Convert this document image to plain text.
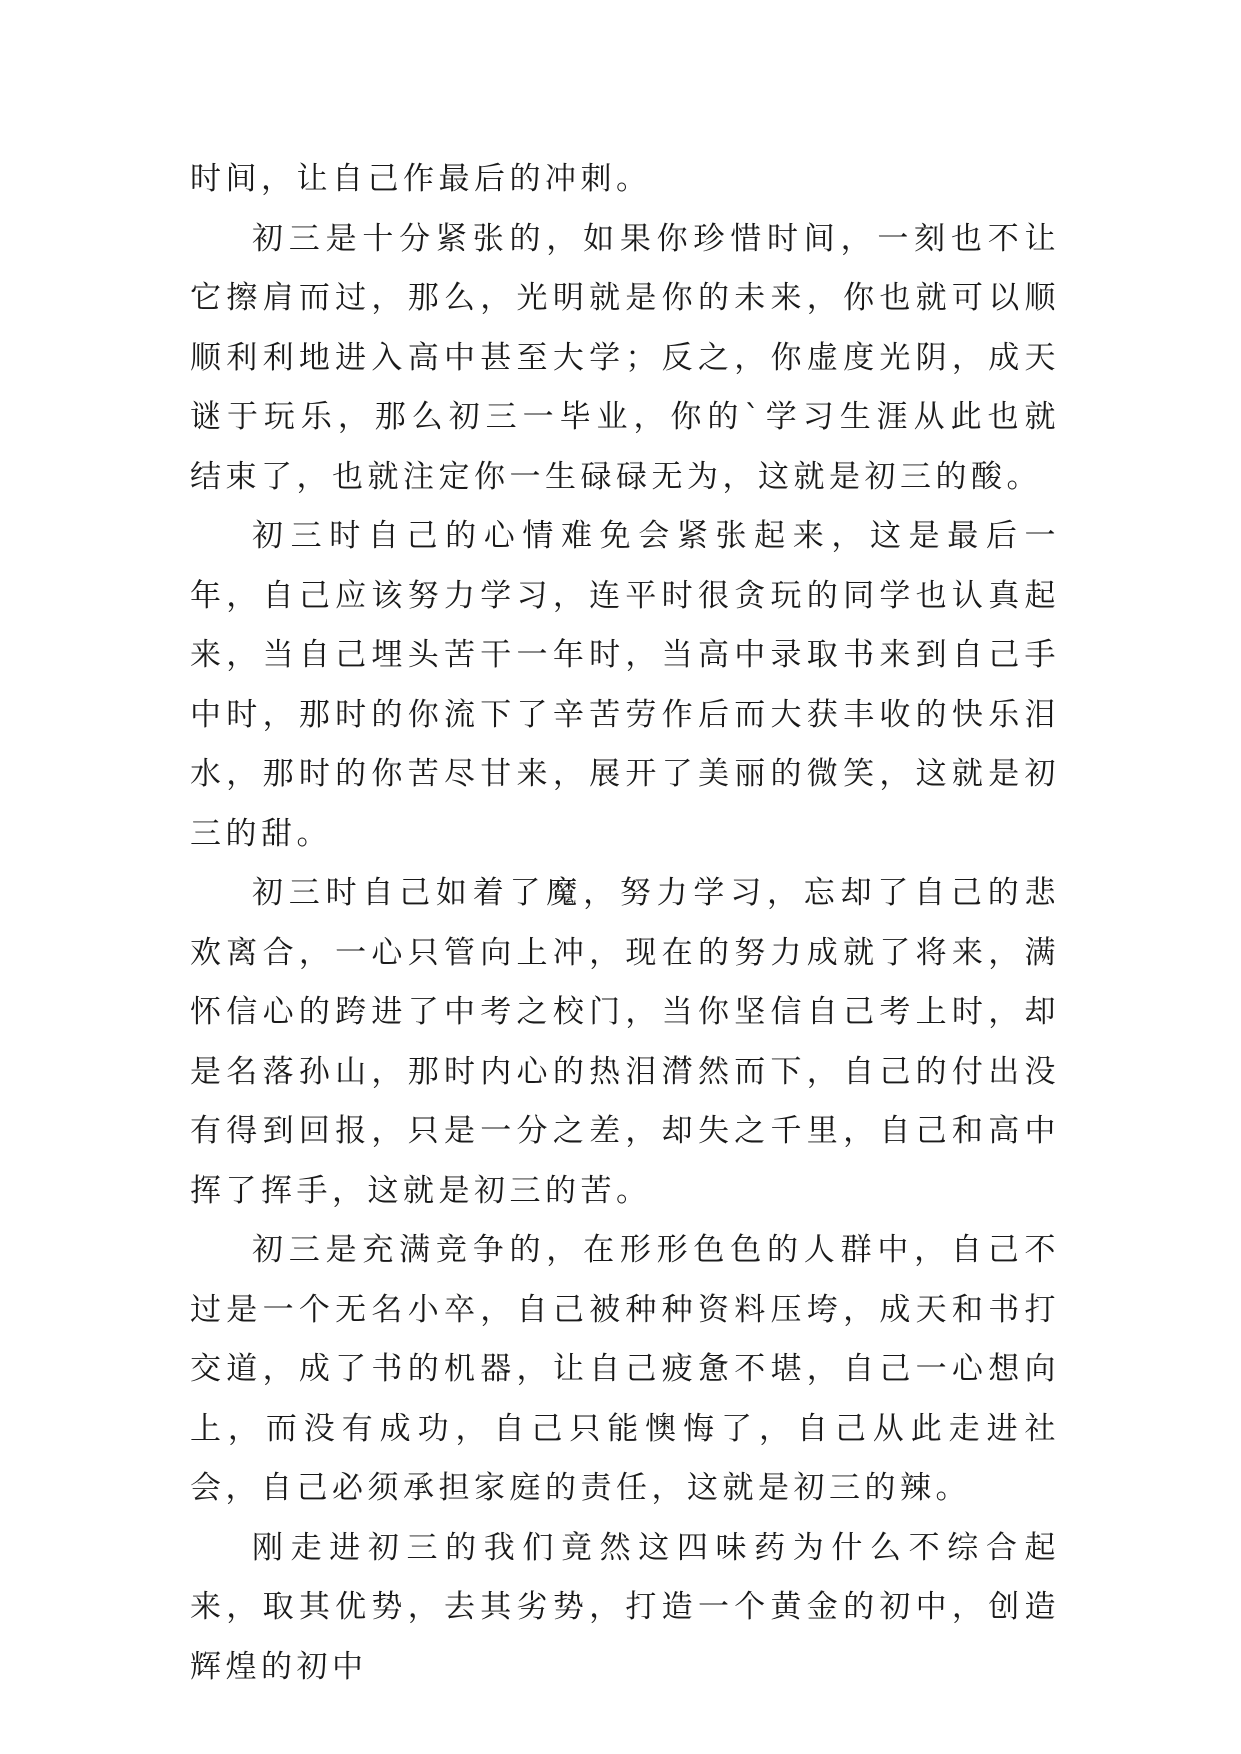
时间，让自己作最后的冲刺。

初三是十分紧张的，如果你珍惜时间，一刻也不让它擦肩而过，那么，光明就是你的未来，你也就可以顺顺利利地进入高中甚至大学；反之，你虚度光阴，成天谜于玩乐，那么初三一毕业，你的`学习生涯从此也就结束了，也就注定你一生碌碌无为，这就是初三的酸。

初三时自己的心情难免会紧张起来，这是最后一年，自己应该努力学习，连平时很贪玩的同学也认真起来，当自己埋头苦干一年时，当高中录取书来到自己手中时，那时的你流下了辛苦劳作后而大获丰收的快乐泪水，那时的你苦尽甘来，展开了美丽的微笑，这就是初三的甜。

初三时自己如着了魔，努力学习，忘却了自己的悲欢离合，一心只管向上冲，现在的努力成就了将来，满怀信心的跨进了中考之校门，当你坚信自己考上时，却是名落孙山，那时内心的热泪潸然而下，自己的付出没有得到回报，只是一分之差，却失之千里，自己和高中挥了挥手，这就是初三的苦。

初三是充满竞争的，在形形色色的人群中，自己不过是一个无名小卒，自己被种种资料压垮，成天和书打交道，成了书的机器，让自己疲惫不堪，自己一心想向上，而没有成功，自己只能懊悔了，自己从此走进社会，自己必须承担家庭的责任，这就是初三的辣。

刚走进初三的我们竟然这四味药为什么不综合起来，取其优势，去其劣势，打造一个黄金的初中，创造辉煌的初中
